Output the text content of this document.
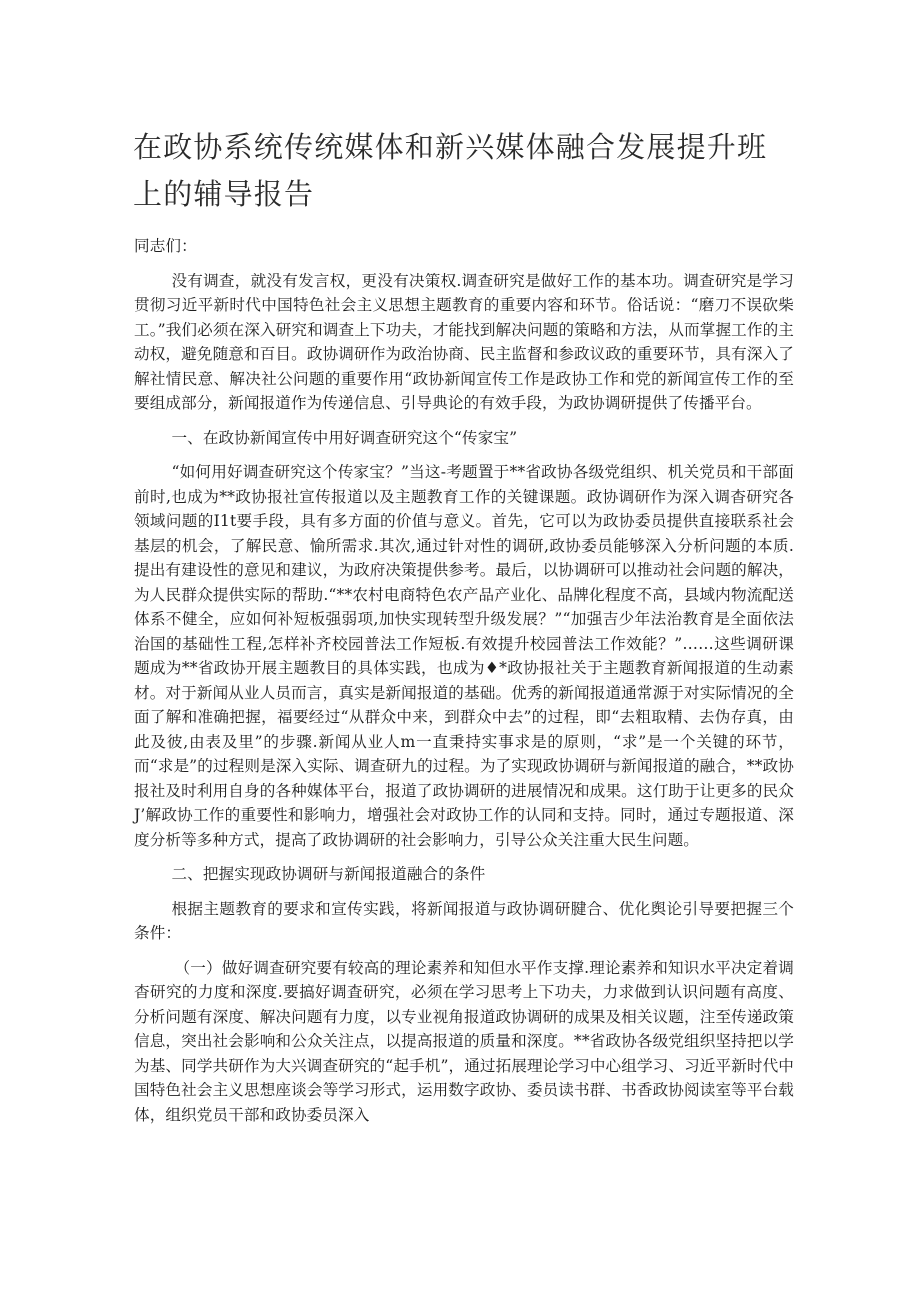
在政协系统传统媒体和新兴媒体融合发展提升班上的辅导报告

同志们：

没有调查，就没有发言权，更没有决策权.调查研究是做好工作的基本功。调查研究是学习贯彻习近平新时代中国特色社会主义思想主题教育的重要内容和环节。俗话说：“磨刀不误砍柴工。”我们必须在深入研究和调查上下功夫，才能找到解决问题的策略和方法，从而掌握工作的主动权，避免随意和百目。政协调研作为政治协商、民主监督和参政议政的重要环节，具有深入了解社情民意、解决社公问题的重要作用“政协新闻宣传工作是政协工作和党的新闻宣传工作的至要组成部分，新闻报道作为传递信息、引导典论的有效手段，为政协调研提供了传播平台。

一、在政协新闻宣传中用好调查研究这个“传家宝”

“如何用好调查研究这个传家宝？”当这-考题置于**省政协各级党组织、机关党员和干部面前时,也成为**政协报社宣传报道以及主题教育工作的关键课题。政协调研作为深入调杳研究各领域问题的I1t要手段，具有多方面的价值与意义。首先，它可以为政协委员提供直接联系社会基层的机会，了解民意、愉所需求.其次,通过针对性的调研,政协委员能够深入分析问题的本质.提出有建设性的意见和建议，为政府决策提供参考。最后，以协调研可以推动社会问题的解决，为人民群众提供实际的帮助.“**农村电商特色农产品产业化、品牌化程度不高，县域内物流配送体系不健全，应如何补短板强弱项,加快实现转型升级发展？”“加强吉少年法治教育是全面依法治国的基础性工程,怎样补齐校园普法工作短板.有效提升校园普法工作效能？”……这些调研课题成为**省政协开展主题教目的具体实践，也成为♦*政协报社关于主题教育新闻报道的生动素材。对于新闻从业人员而言，真实是新闻报道的基础。优秀的新闻报道通常源于对实际情况的全面了解和准确把握，福要经过“从群众中来，到群众中去”的过程，即“去粗取精、去伪存真，由此及彼,由表及里”的步骤.新闻从业人m一直秉持实事求是的原则，“求”是一个关键的环节，而“求是”的过程则是深入实际、调查研九的过程。为了实现政协调研与新闻报道的融合，**政协报社及时利用自身的各种媒体平台，报道了政协调研的进展情况和成果。这仃助于让更多的民众J’解政协工作的重要性和影响力，增强社会对政协工作的认同和支持。同时，通过专题报道、深度分析等多种方式，提高了政协调研的社会影响力，引导公众关注重大民生问题。

二、把握实现政协调研与新闻报道融合的条件

根据主题教育的要求和宣传实践，将新闻报道与政协调研腱合、优化舆论引导要把握三个条件：

（一）做好调查研究要有较高的理论素养和知但水平作支撑.理论素养和知识水平决定着调杳研究的力度和深度.要搞好调査研究，必须在学习思考上下功夫，力求做到认识问题有高度、分析问题有深度、解决问题有力度，以专业视角报道政协调研的成果及相关议题，注至传递政策信息，突出社会影响和公众关注点，以提高报道的质量和深度。**省政协各级党组织坚持把以学为基、同学共研作为大兴调查研究的“起手机”，通过拓展理论学习中心组学习、习近平新时代中国特色社会主义思想座谈会等学习形式，运用数字政协、委员读书群、书香政协阅读室等平台载体，组织党员干部和政协委员深入
